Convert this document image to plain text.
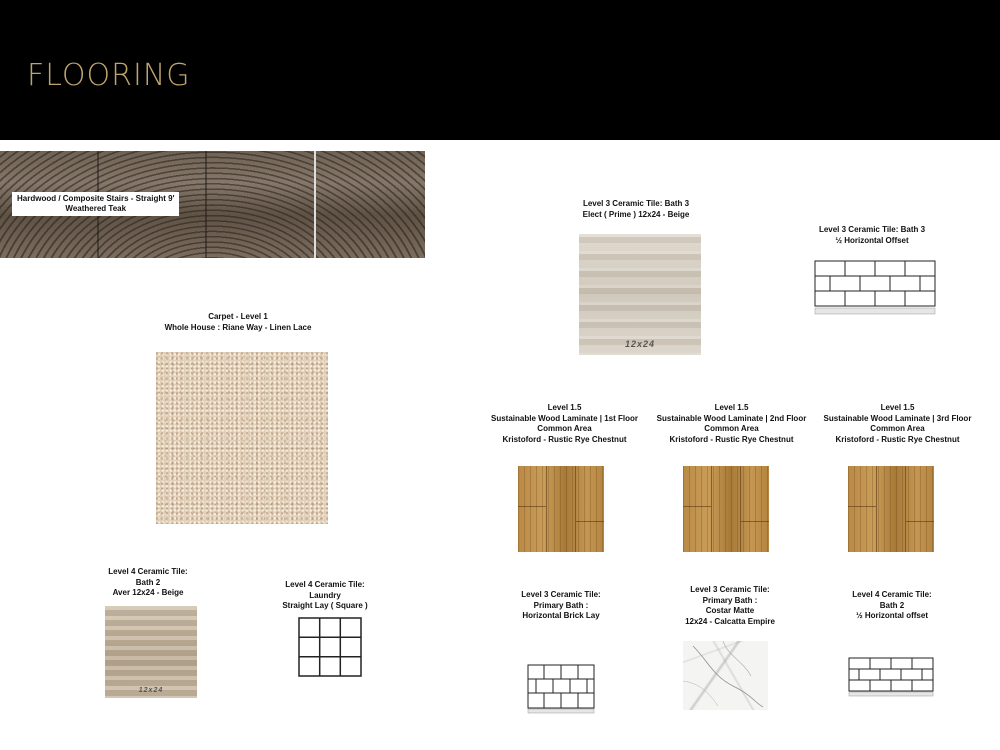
FLOORING
Hardwood / Composite Stairs - Straight 9'
Weathered Teak
Carpet - Level 1
Whole House : Riane Way - Linen Lace
Level 4 Ceramic Tile:
Bath 2
Aver 12x24 - Beige
12x24
Level 4 Ceramic Tile:
Laundry
Straight Lay ( Square )
Level 3 Ceramic Tile: Bath 3
Elect ( Prime ) 12x24 - Beige
12x24
Level 3 Ceramic Tile: Bath 3
½ Horizontal Offset
Level 1.5
Sustainable Wood Laminate | 1st Floor
Common Area
Kristoford - Rustic Rye Chestnut
Level 1.5
Sustainable Wood Laminate | 2nd Floor
Common Area
Kristoford - Rustic Rye Chestnut
Level 1.5
Sustainable Wood Laminate | 3rd Floor
Common Area
Kristoford - Rustic Rye Chestnut
Level 3 Ceramic Tile:
Primary Bath :
Horizontal Brick Lay
Level 3 Ceramic Tile:
Primary Bath :
Costar Matte
12x24 - Calcatta Empire
Level 4 Ceramic Tile:
Bath 2
½ Horizontal offset
